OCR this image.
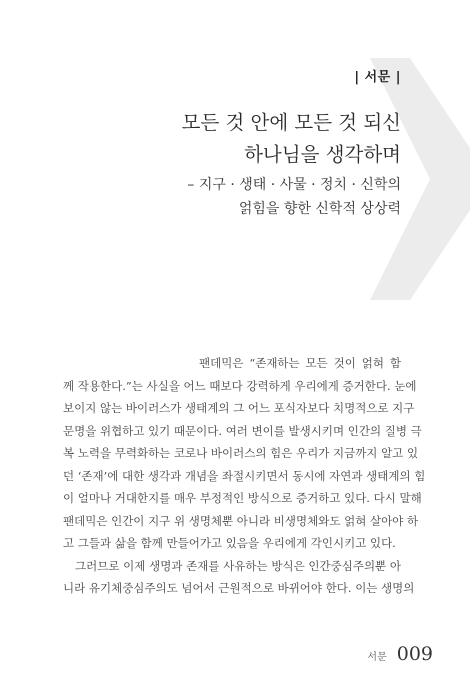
| 서문 |
모든 것 안에 모든 것 되신
하나님을 생각하며
– 지구 · 생태 · 사물 · 정치 · 신학의
얽힘을 향한 신학적 상상력
팬데믹은 “존재하는 모든 것이 얽혀 함
께 작용한다.”는 사실을 어느 때보다 강력하게 우리에게 증거한다. 눈에
보이지 않는 바이러스가 생태계의 그 어느 포식자보다 치명적으로 지구
문명을 위협하고 있기 때문이다. 여러 변이를 발생시키며 인간의 질병 극
복 노력을 무력화하는 코로나 바이러스의 힘은 우리가 지금까지 알고 있
던 ‘존재’에 대한 생각과 개념을 좌절시키면서 동시에 자연과 생태계의 힘
이 얼마나 거대한지를 매우 부정적인 방식으로 증거하고 있다. 다시 말해
팬데믹은 인간이 지구 위 생명체뿐 아니라 비생명체와도 얽혀 살아야 하
고 그들과 삶을 함께 만들어가고 있음을 우리에게 각인시키고 있다.
그러므로 이제 생명과 존재를 사유하는 방식은 인간중심주의뿐 아
니라 유기체중심주의도 넘어서 근원적으로 바뀌어야 한다. 이는 생명의
서문 009
